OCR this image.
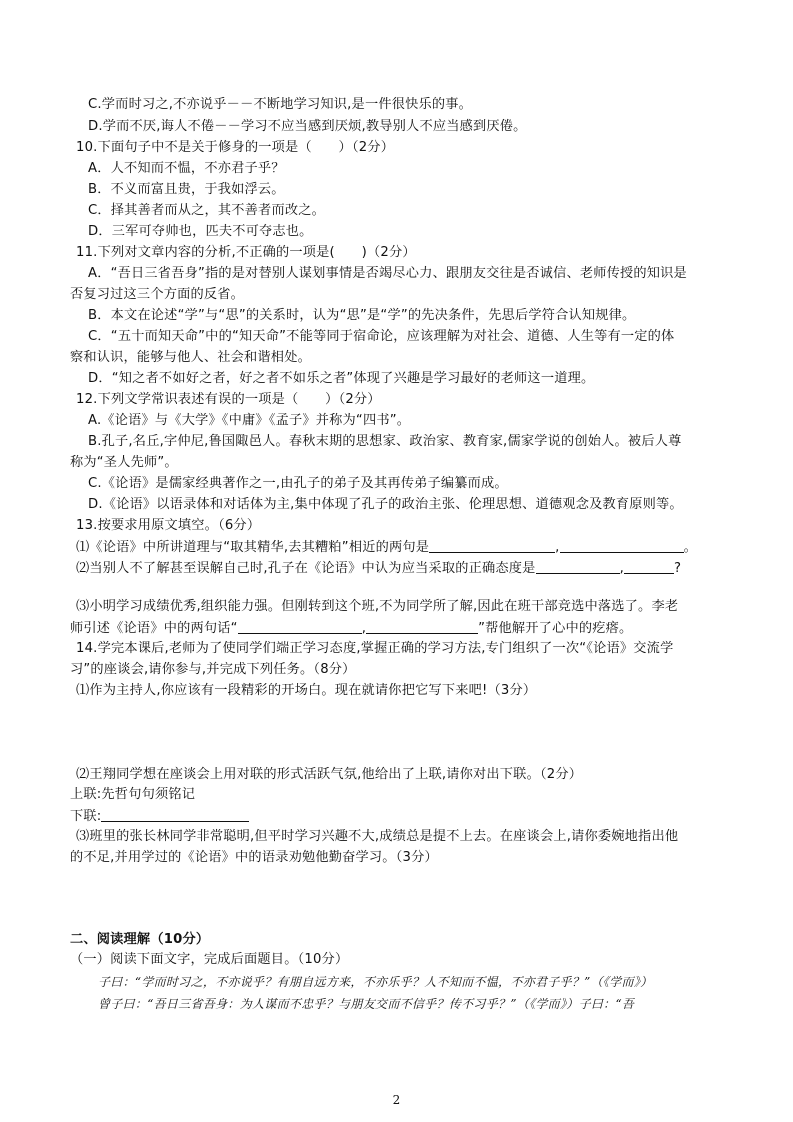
C.学而时习之,不亦说乎－－不断地学习知识,是一件很快乐的事。
D.学而不厌,诲人不倦－－学习不应当感到厌烦,教导别人不应当感到厌倦。
10.下面句子中不是关于修身的一项是（　　）（2分）
A．人不知而不愠，不亦君子乎？
B．不义而富且贵，于我如浮云。
C．择其善者而从之，其不善者而改之。
D．三军可夺帅也，匹夫不可夺志也。
11.下列对文章内容的分析,不正确的一项是(　　)（2分）
A．“吾日三省吾身”指的是对替别人谋划事情是否竭尽心力、跟朋友交往是否诚信、老师传授的知识是
否复习过这三个方面的反省。
B．本文在论述“学”与“思”的关系时，认为“思”是“学”的先决条件，先思后学符合认知规律。
C．“五十而知天命”中的“知天命”不能等同于宿命论，应该理解为对社会、道德、人生等有一定的体
察和认识，能够与他人、社会和谐相处。
D．“知之者不如好之者，好之者不如乐之者”体现了兴趣是学习最好的老师这一道理。
12.下列文学常识表述有误的一项是（　　）（2分）
A.《论语》与《大学》《中庸》《孟子》并称为“四书”。
B.孔子,名丘,字仲尼,鲁国陬邑人。春秋末期的思想家、政治家、教育家,儒家学说的创始人。被后人尊
称为“圣人先师”。
C.《论语》是儒家经典著作之一,由孔子的弟子及其再传弟子编纂而成。
D.《论语》以语录体和对话体为主,集中体现了孔子的政治主张、伦理思想、道德观念及教育原则等。
13.按要求用原文填空。（6分）
⑴《论语》中所讲道理与“取其精华,去其糟粕”相近的两句是	,	。
⑵当别人不了解甚至误解自己时,孔子在《论语》中认为应当采取的正确态度是	,	?
⑶小明学习成绩优秀,组织能力强。但刚转到这个班,不为同学所了解,因此在班干部竞选中落选了。李老
师引述《论语》中的两句话“	,	”帮他解开了心中的疙瘩。
14.学完本课后,老师为了使同学们端正学习态度,掌握正确的学习方法,专门组织了一次“《论语》交流学
习”的座谈会,请你参与,并完成下列任务。（8分）
⑴作为主持人,你应该有一段精彩的开场白。现在就请你把它写下来吧!（3分）
⑵王翔同学想在座谈会上用对联的形式活跃气氛,他给出了上联,请你对出下联。（2分）
上联:先哲句句须铭记
下联:
⑶班里的张长林同学非常聪明,但平时学习兴趣不大,成绩总是提不上去。在座谈会上,请你委婉地指出他
的不足,并用学过的《论语》中的语录劝勉他勤奋学习。（3分）
二、阅读理解（10分）
（一）阅读下面文字，完成后面题目。（10分）
子曰：“学而时习之，不亦说乎？有朋自远方来，不亦乐乎？人不知而不愠，不亦君子乎？”（《学而》）
曾子曰：“吾日三省吾身：为人谋而不忠乎？与朋友交而不信乎？传不习乎？”（《学而》）子曰：“吾
2
